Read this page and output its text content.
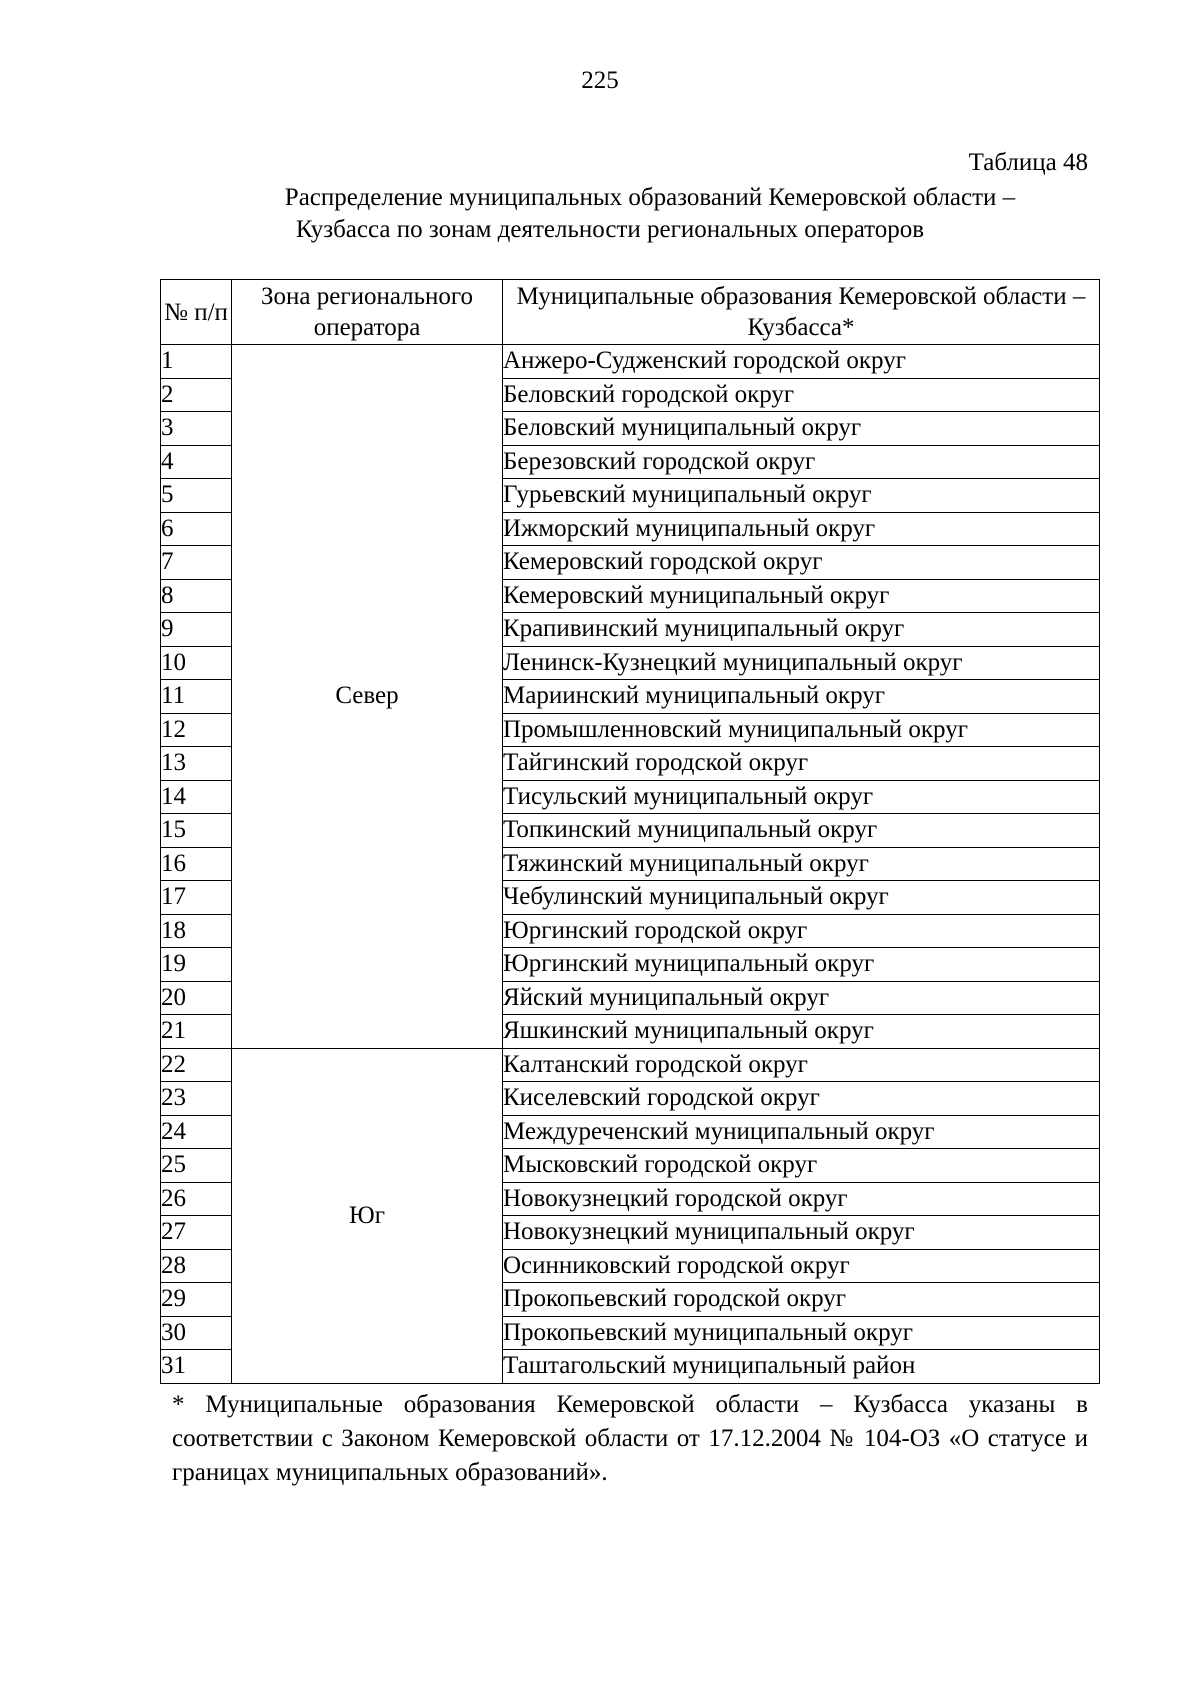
225
Таблица 48
Распределение муниципальных образований Кемеровской области –
Кузбасса по зонам деятельности региональных операторов
№ п/п	Зона регионального оператора	Муниципальные образования Кемеровской области – Кузбасса*
1	Север	Анжеро-Судженский городской округ
2		Беловский городской округ
3		Беловский муниципальный округ
4		Березовский городской округ
5		Гурьевский муниципальный округ
6		Ижморский муниципальный округ
7		Кемеровский городской округ
8		Кемеровский муниципальный округ
9		Крапивинский муниципальный округ
10		Ленинск-Кузнецкий муниципальный округ
11		Мариинский муниципальный округ
12		Промышленновский муниципальный округ
13		Тайгинский городской округ
14		Тисульский муниципальный округ
15		Топкинский муниципальный округ
16		Тяжинский муниципальный округ
17		Чебулинский муниципальный округ
18		Юргинский городской округ
19		Юргинский муниципальный округ
20		Яйский муниципальный округ
21		Яшкинский муниципальный округ
22	Юг	Калтанский городской округ
23		Киселевский городской округ
24		Междуреченский муниципальный округ
25		Мысковский городской округ
26		Новокузнецкий городской округ
27		Новокузнецкий муниципальный округ
28		Осинниковский городской округ
29		Прокопьевский городской округ
30		Прокопьевский муниципальный округ
31		Таштагольский муниципальный район
* Муниципальные образования Кемеровской области – Кузбасса указаны в соответствии с Законом Кемеровской области от 17.12.2004 № 104-ОЗ «О статусе и границах муниципальных образований».
